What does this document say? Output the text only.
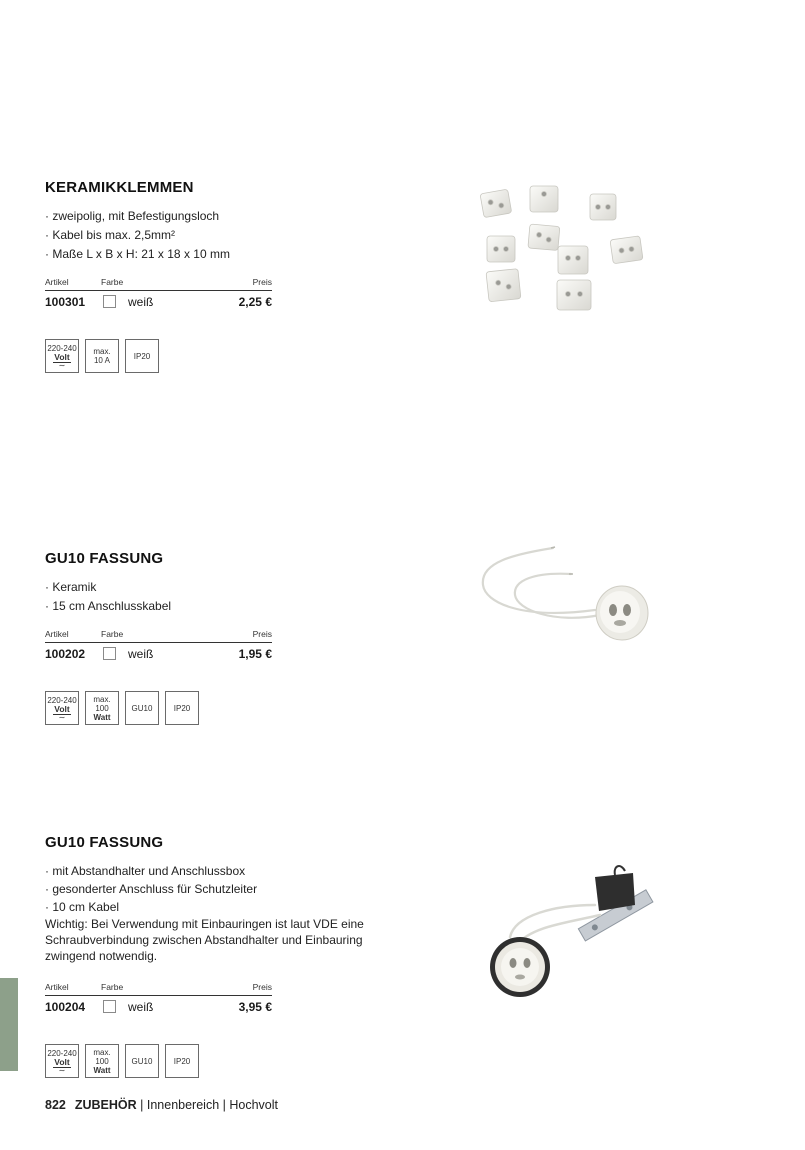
KERAMIKKLEMMEN
· zweipolig, mit Befestigungsloch
· Kabel bis max. 2,5mm²
· Maße L x B x H: 21 x 18 x 10 mm
Artikel	Farbe	Preis
100301	weiß	2,25 €
220-240
Volt
∼
max.
10 A	IP20
GU10 FASSUNG
· Keramik
· 15 cm Anschlusskabel
Artikel	Farbe	Preis
100202	weiß	1,95 €
220-240
Volt
∼
max. 100
Watt
GU10	IP20
GU10 FASSUNG
· mit Abstandhalter und Anschlussbox
· gesonderter Anschluss für Schutzleiter
· 10 cm Kabel
Wichtig: Bei Verwendung mit Einbauringen ist laut VDE eine Schraubverbindung zwischen Abstandhalter und Einbauring zwingend notwendig.
Artikel	Farbe	Preis
100204	weiß	3,95 €
220-240
Volt
∼
max. 100
Watt
GU10	IP20
822 ZUBEHÖR | Innenbereich | Hochvolt
